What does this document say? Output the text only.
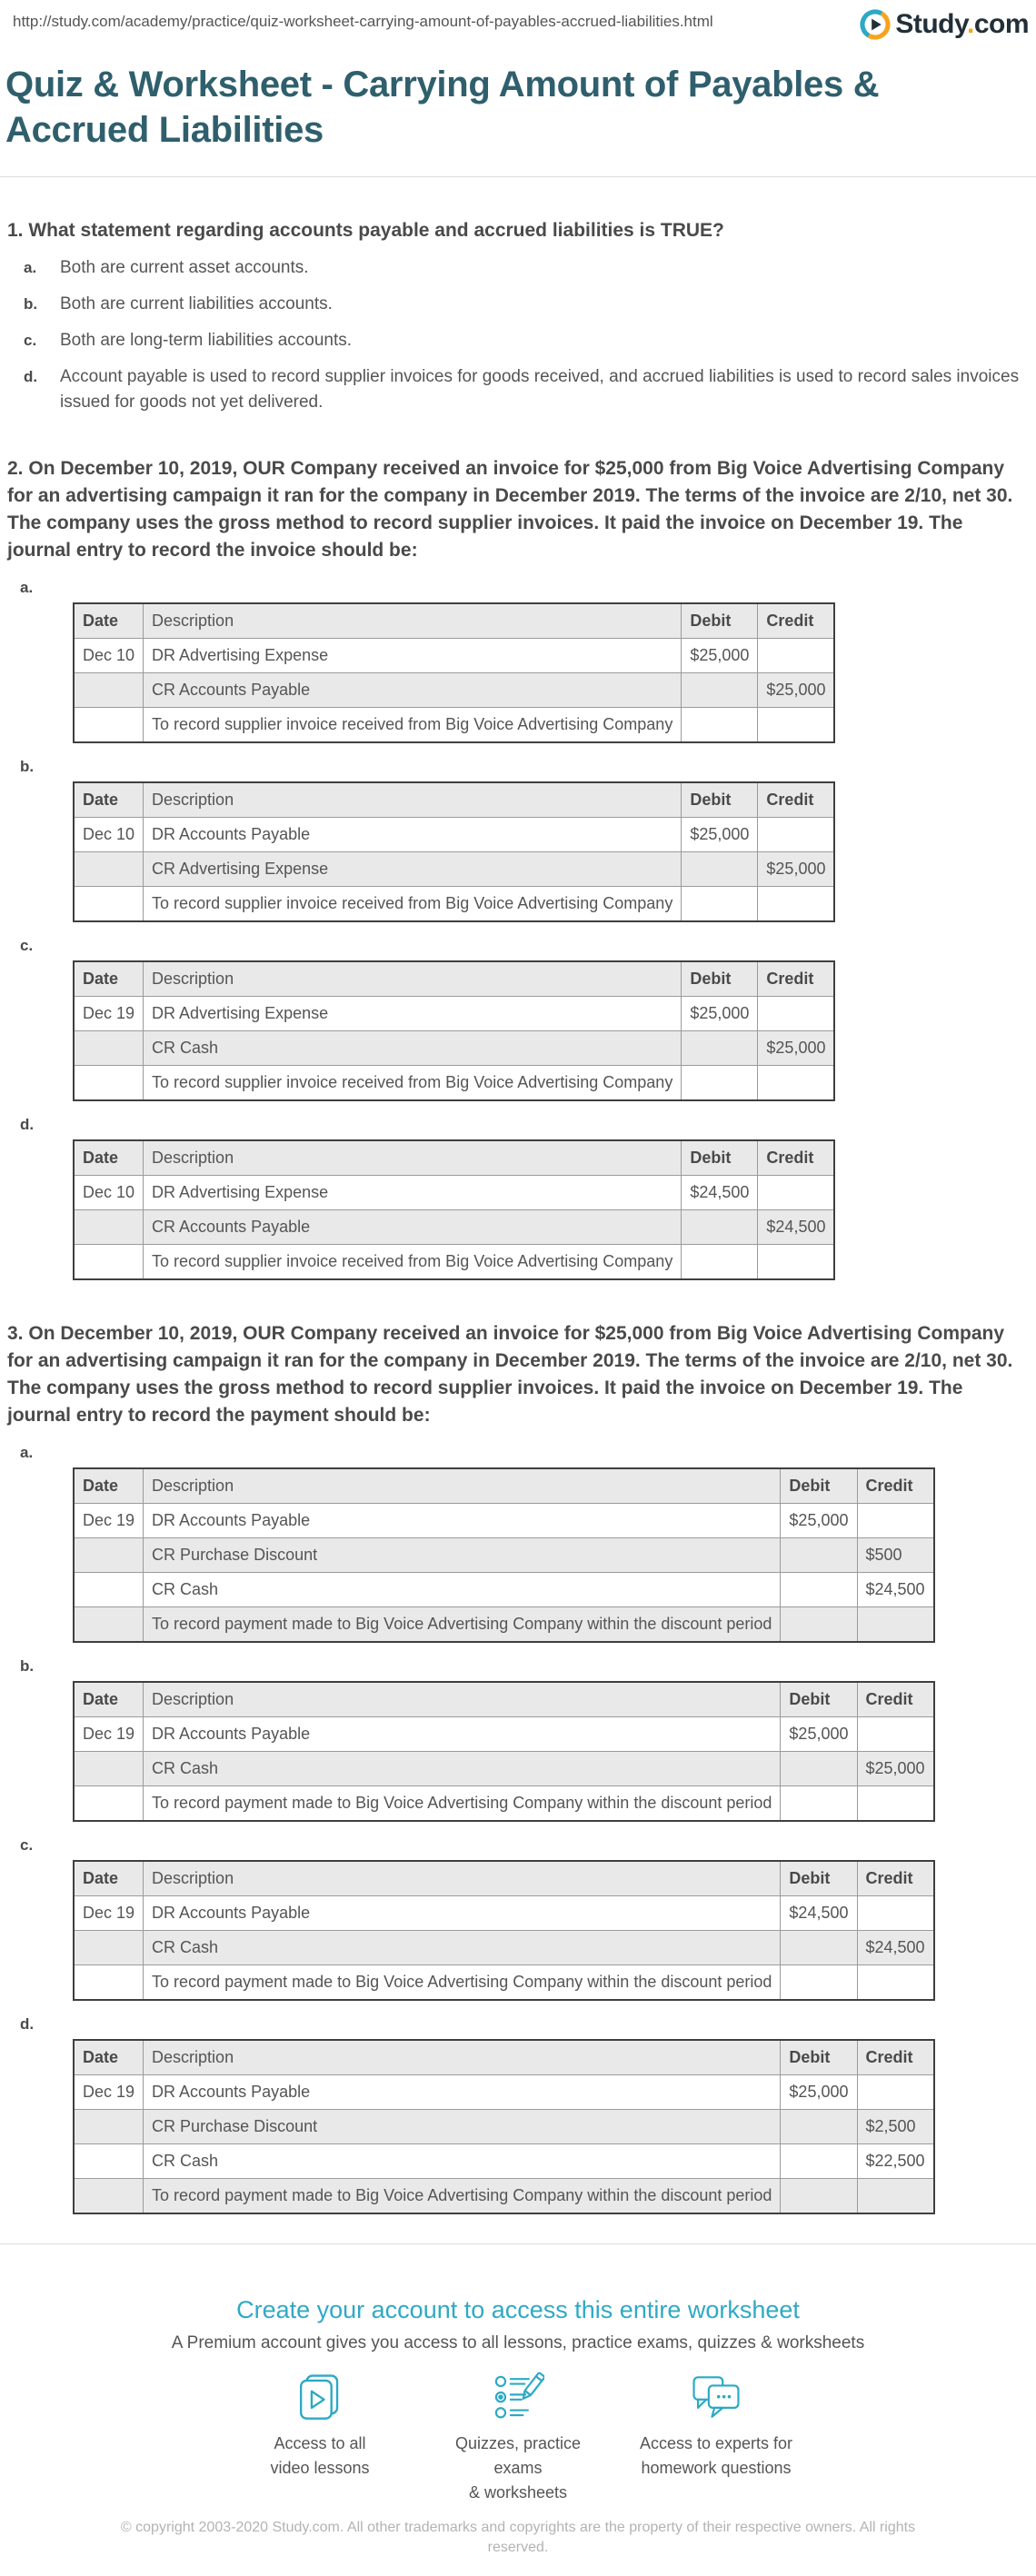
http://study.com/academy/practice/quiz-worksheet-carrying-amount-of-payables-accrued-liabilities.html	Study.com
Quiz & Worksheet - Carrying Amount of Payables & Accrued Liabilities
1. What statement regarding accounts payable and accrued liabilities is TRUE?
a.	Both are current asset accounts.
b.	Both are current liabilities accounts.
c.	Both are long-term liabilities accounts.
d.	Account payable is used to record supplier invoices for goods received, and accrued liabilities is used to record sales invoices issued for goods not yet delivered.
2. On December 10, 2019, OUR Company received an invoice for $25,000 from Big Voice Advertising Company for an advertising campaign it ran for the company in December 2019. The terms of the invoice are 2/10, net 30. The company uses the gross method to record supplier invoices. It paid the invoice on December 19. The journal entry to record the invoice should be:
a.
Date	Description	Debit	Credit
Dec 10	DR Advertising Expense	$25,000	
	CR Accounts Payable		$25,000
	To record supplier invoice received from Big Voice Advertising Company		
b.
Date	Description	Debit	Credit
Dec 10	DR Accounts Payable	$25,000	
	CR Advertising Expense		$25,000
	To record supplier invoice received from Big Voice Advertising Company		
c.
Date	Description	Debit	Credit
Dec 19	DR Advertising Expense	$25,000	
	CR Cash		$25,000
	To record supplier invoice received from Big Voice Advertising Company		
d.
Date	Description	Debit	Credit
Dec 10	DR Advertising Expense	$24,500	
	CR Accounts Payable		$24,500
	To record supplier invoice received from Big Voice Advertising Company		
3. On December 10, 2019, OUR Company received an invoice for $25,000 from Big Voice Advertising Company for an advertising campaign it ran for the company in December 2019. The terms of the invoice are 2/10, net 30. The company uses the gross method to record supplier invoices. It paid the invoice on December 19. The journal entry to record the payment should be:
a.
Date	Description	Debit	Credit
Dec 19	DR Accounts Payable	$25,000	
	CR Purchase Discount		$500
	CR Cash		$24,500
	To record payment made to Big Voice Advertising Company within the discount period		
b.
Date	Description	Debit	Credit
Dec 19	DR Accounts Payable	$25,000	
	CR Cash		$25,000
	To record payment made to Big Voice Advertising Company within the discount period		
c.
Date	Description	Debit	Credit
Dec 19	DR Accounts Payable	$24,500	
	CR Cash		$24,500
	To record payment made to Big Voice Advertising Company within the discount period		
d.
Date	Description	Debit	Credit
Dec 19	DR Accounts Payable	$25,000	
	CR Purchase Discount		$2,500
	CR Cash		$22,500
	To record payment made to Big Voice Advertising Company within the discount period		
Create your account to access this entire worksheet
A Premium account gives you access to all lessons, practice exams, quizzes & worksheets
Access to all
video lessons
Quizzes, practice exams
& worksheets
Access to experts for
homework questions
© copyright 2003-2020 Study.com. All other trademarks and copyrights are the property of their respective owners. All rights reserved.
